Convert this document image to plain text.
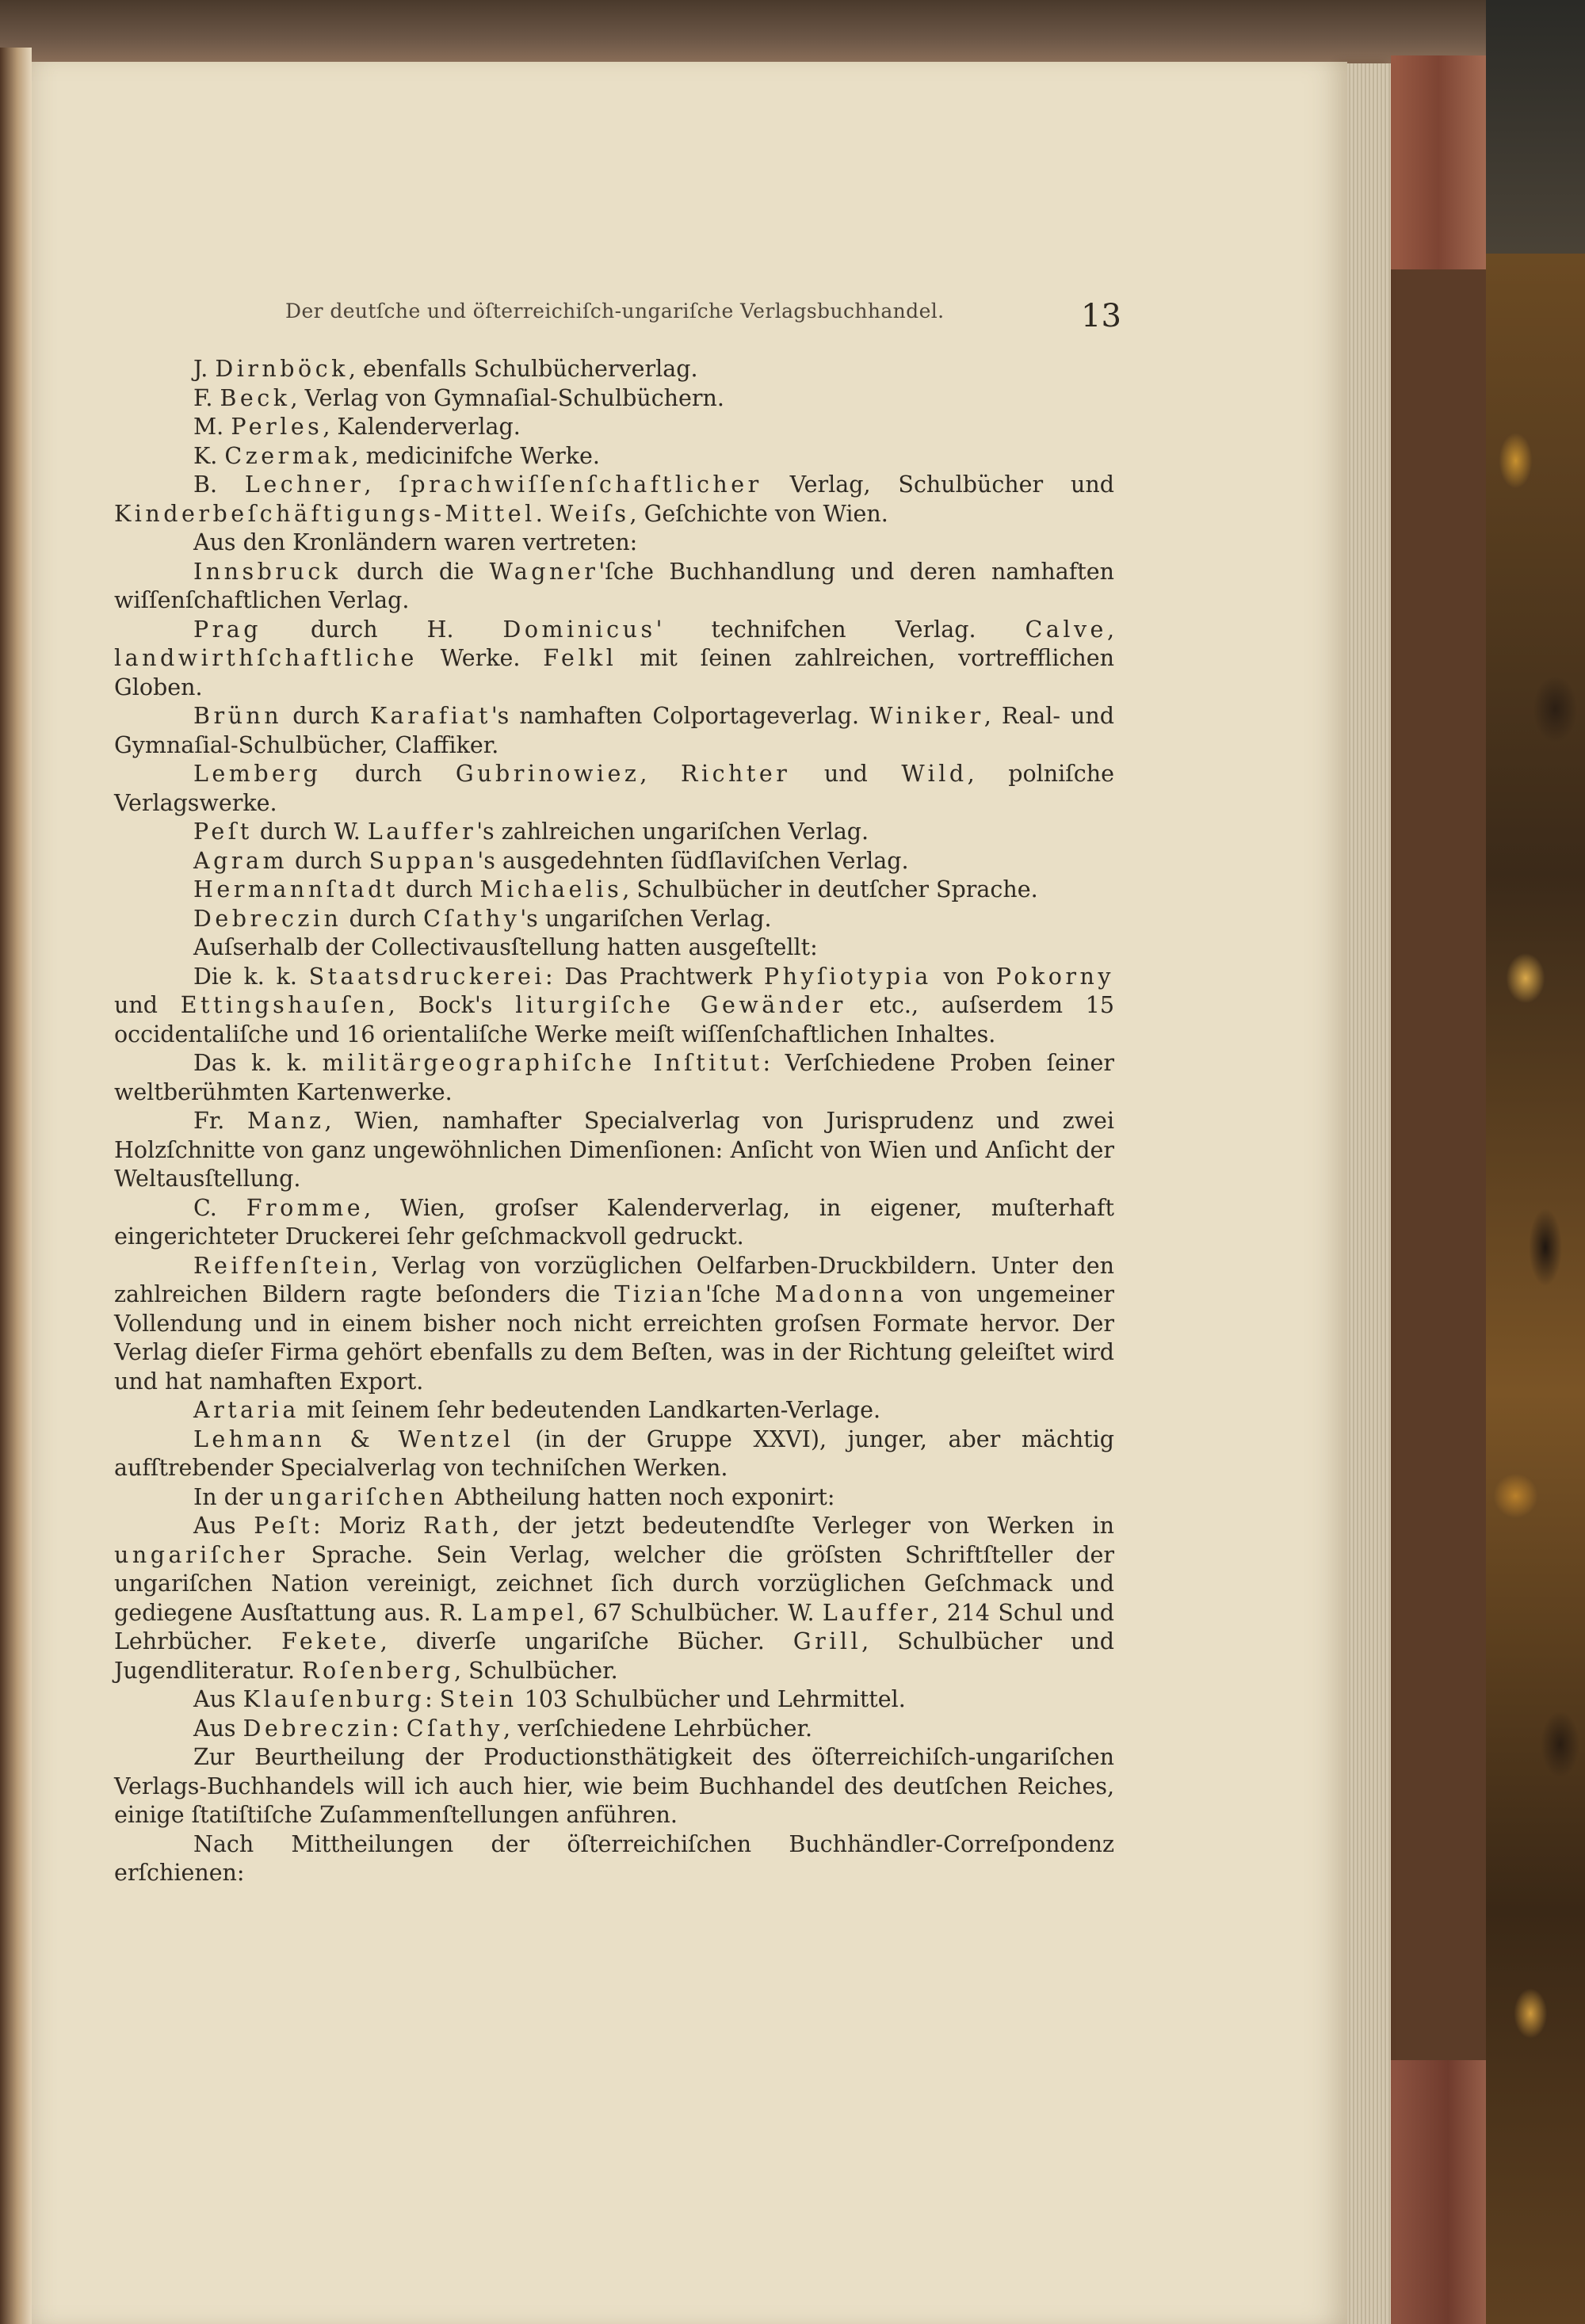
Der deutſche und öſterreichiſch-ungariſche Verlagsbuchhandel.	13

J. Dirnböck, ebenfalls Schulbücherverlag.

F. Beck, Verlag von Gymnaſial-Schulbüchern.

M. Perles, Kalenderverlag.

K. Czermak, medicinifche Werke.

B. Lechner, ſprachwiſſenſchaftlicher Verlag, Schulbücher und Kinderbeſchäftigungs-Mittel. Weiſs, Geſchichte von Wien.

Aus den Kronländern waren vertreten:

Innsbruck durch die Wagner'ſche Buchhandlung und deren namhaften wiſſenſchaftlichen Verlag.

Prag durch H. Dominicus' technifchen Verlag. Calve, landwirthſchaftliche Werke. Felkl mit ſeinen zahlreichen, vortrefflichen Globen.

Brünn durch Karafiat's namhaften Colportageverlag. Winiker, Real- und Gymnaſial-Schulbücher, Claffiker.

Lemberg durch Gubrinowiez, Richter und Wild, polniſche Verlagswerke.

Peſt durch W. Lauffer's zahlreichen ungariſchen Verlag.

Agram durch Suppan's ausgedehnten ſüdſlaviſchen Verlag.

Hermannſtadt durch Michaelis, Schulbücher in deutſcher Sprache.

Debreczin durch Cſathy's ungariſchen Verlag.

Auſserhalb der Collectivausſtellung hatten ausgeſtellt:

Die k. k. Staatsdruckerei: Das Prachtwerk Phyſiotypia von Pokorny und Ettingshauſen, Bock's liturgiſche Gewänder etc., auſserdem 15 occidentaliſche und 16 orientaliſche Werke meiſt wiſſenſchaftlichen Inhaltes.

Das k. k. militärgeographiſche Inſtitut: Verſchiedene Proben ſeiner weltberühmten Kartenwerke.

Fr. Manz, Wien, namhafter Specialverlag von Jurisprudenz und zwei Holzſchnitte von ganz ungewöhnlichen Dimenſionen: Anſicht von Wien und Anſicht der Weltausſtellung.

C. Fromme, Wien, groſser Kalenderverlag, in eigener, muſterhaft eingerichteter Druckerei ſehr geſchmackvoll gedruckt.

Reiffenſtein, Verlag von vorzüglichen Oelfarben-Druckbildern. Unter den zahlreichen Bildern ragte beſonders die Tizian'ſche Madonna von ungemeiner Vollendung und in einem bisher noch nicht erreichten groſsen Formate hervor. Der Verlag dieſer Firma gehört ebenfalls zu dem Beſten, was in der Richtung geleiſtet wird und hat namhaften Export.

Artaria mit ſeinem ſehr bedeutenden Landkarten-Verlage.

Lehmann & Wentzel (in der Gruppe XXVI), junger, aber mächtig aufſtrebender Specialverlag von techniſchen Werken.

In der ungariſchen Abtheilung hatten noch exponirt:

Aus Peſt: Moriz Rath, der jetzt bedeutendſte Verleger von Werken in ungariſcher Sprache. Sein Verlag, welcher die gröſsten Schriftſteller der ungariſchen Nation vereinigt, zeichnet ſich durch vorzüglichen Geſchmack und gediegene Ausſtattung aus. R. Lampel, 67 Schulbücher. W. Lauffer, 214 Schul und Lehrbücher. Fekete, diverſe ungariſche Bücher. Grill, Schulbücher und Jugendliteratur. Roſenberg, Schulbücher.

Aus Klauſenburg: Stein 103 Schulbücher und Lehrmittel.

Aus Debreczin: Cſathy, verſchiedene Lehrbücher.

Zur Beurtheilung der Productionsthätigkeit des öſterreichiſch-ungariſchen Verlags-Buchhandels will ich auch hier, wie beim Buchhandel des deutſchen Reiches, einige ſtatiſtiſche Zuſammenſtellungen anführen.

Nach Mittheilungen der öſterreichiſchen Buchhändler-Correſpondenz erſchienen:
